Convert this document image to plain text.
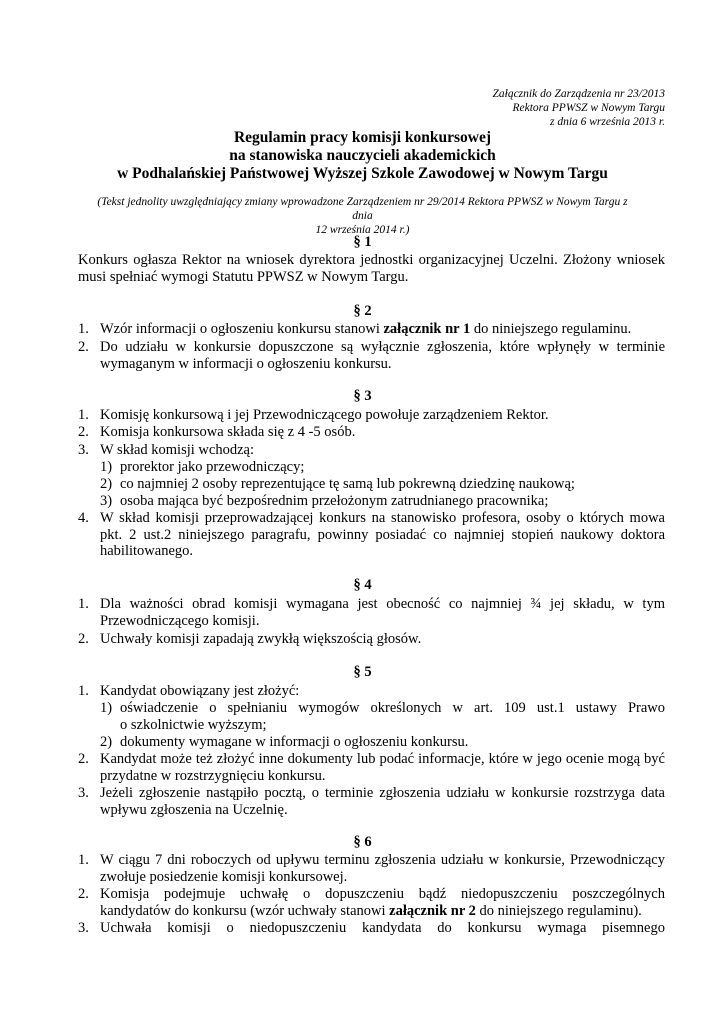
Załącznik do Zarządzenia nr 23/2013
Rektora PPWSZ w Nowym Targu
z dnia 6 września 2013 r.
Regulamin pracy komisji konkursowej
na stanowiska nauczycieli akademickich
w Podhalańskiej Państwowej Wyższej Szkole Zawodowej w Nowym Targu
(Tekst jednolity uwzględniający zmiany wprowadzone Zarządzeniem nr 29/2014 Rektora PPWSZ w Nowym Targu z dnia
12 września 2014 r.)
§ 1
Konkurs ogłasza Rektor na wniosek dyrektora jednostki organizacyjnej Uczelni. Złożony wniosek
musi spełniać wymogi Statutu PPWSZ w Nowym Targu.
§ 2
1. Wzór informacji o ogłoszeniu konkursu stanowi załącznik nr 1 do niniejszego regulaminu.
2. Do udziału w konkursie dopuszczone są wyłącznie zgłoszenia, które wpłynęły w terminie
wymaganym w informacji o ogłoszeniu konkursu.
§ 3
1. Komisję konkursową i jej Przewodniczącego powołuje zarządzeniem Rektor.
2. Komisja konkursowa składa się z 4 -5 osób.
3. W skład komisji wchodzą:
1) prorektor jako przewodniczący;
2) co najmniej 2 osoby reprezentujące tę samą lub pokrewną dziedzinę naukową;
3) osoba mająca być bezpośrednim przełożonym zatrudnianego pracownika;
4. W skład komisji przeprowadzającej konkurs na stanowisko profesora, osoby o których mowa
pkt. 2 ust.2 niniejszego paragrafu, powinny posiadać co najmniej stopień naukowy doktora
habilitowanego.
§ 4
1. Dla ważności obrad komisji wymagana jest obecność co najmniej ¾ jej składu, w tym
Przewodniczącego komisji.
2. Uchwały komisji zapadają zwykłą większością głosów.
§ 5
1. Kandydat obowiązany jest złożyć:
1) oświadczenie o spełnianiu wymogów określonych w art. 109 ust.1 ustawy Prawo
o szkolnictwie wyższym;
2) dokumenty wymagane w informacji o ogłoszeniu konkursu.
2. Kandydat może też złożyć inne dokumenty lub podać informacje, które w jego ocenie mogą być
przydatne w rozstrzygnięciu konkursu.
3. Jeżeli zgłoszenie nastąpiło pocztą, o terminie zgłoszenia udziału w konkursie rozstrzyga data
wpływu zgłoszenia na Uczelnię.
§ 6
1. W ciągu 7 dni roboczych od upływu terminu zgłoszenia udziału w konkursie, Przewodniczący
zwołuje posiedzenie komisji konkursowej.
2. Komisja podejmuje uchwałę o dopuszczeniu bądź niedopuszczeniu poszczególnych
kandydatów do konkursu (wzór uchwały stanowi załącznik nr 2 do niniejszego regulaminu).
3. Uchwała komisji o niedopuszczeniu kandydata do konkursu wymaga pisemnego
